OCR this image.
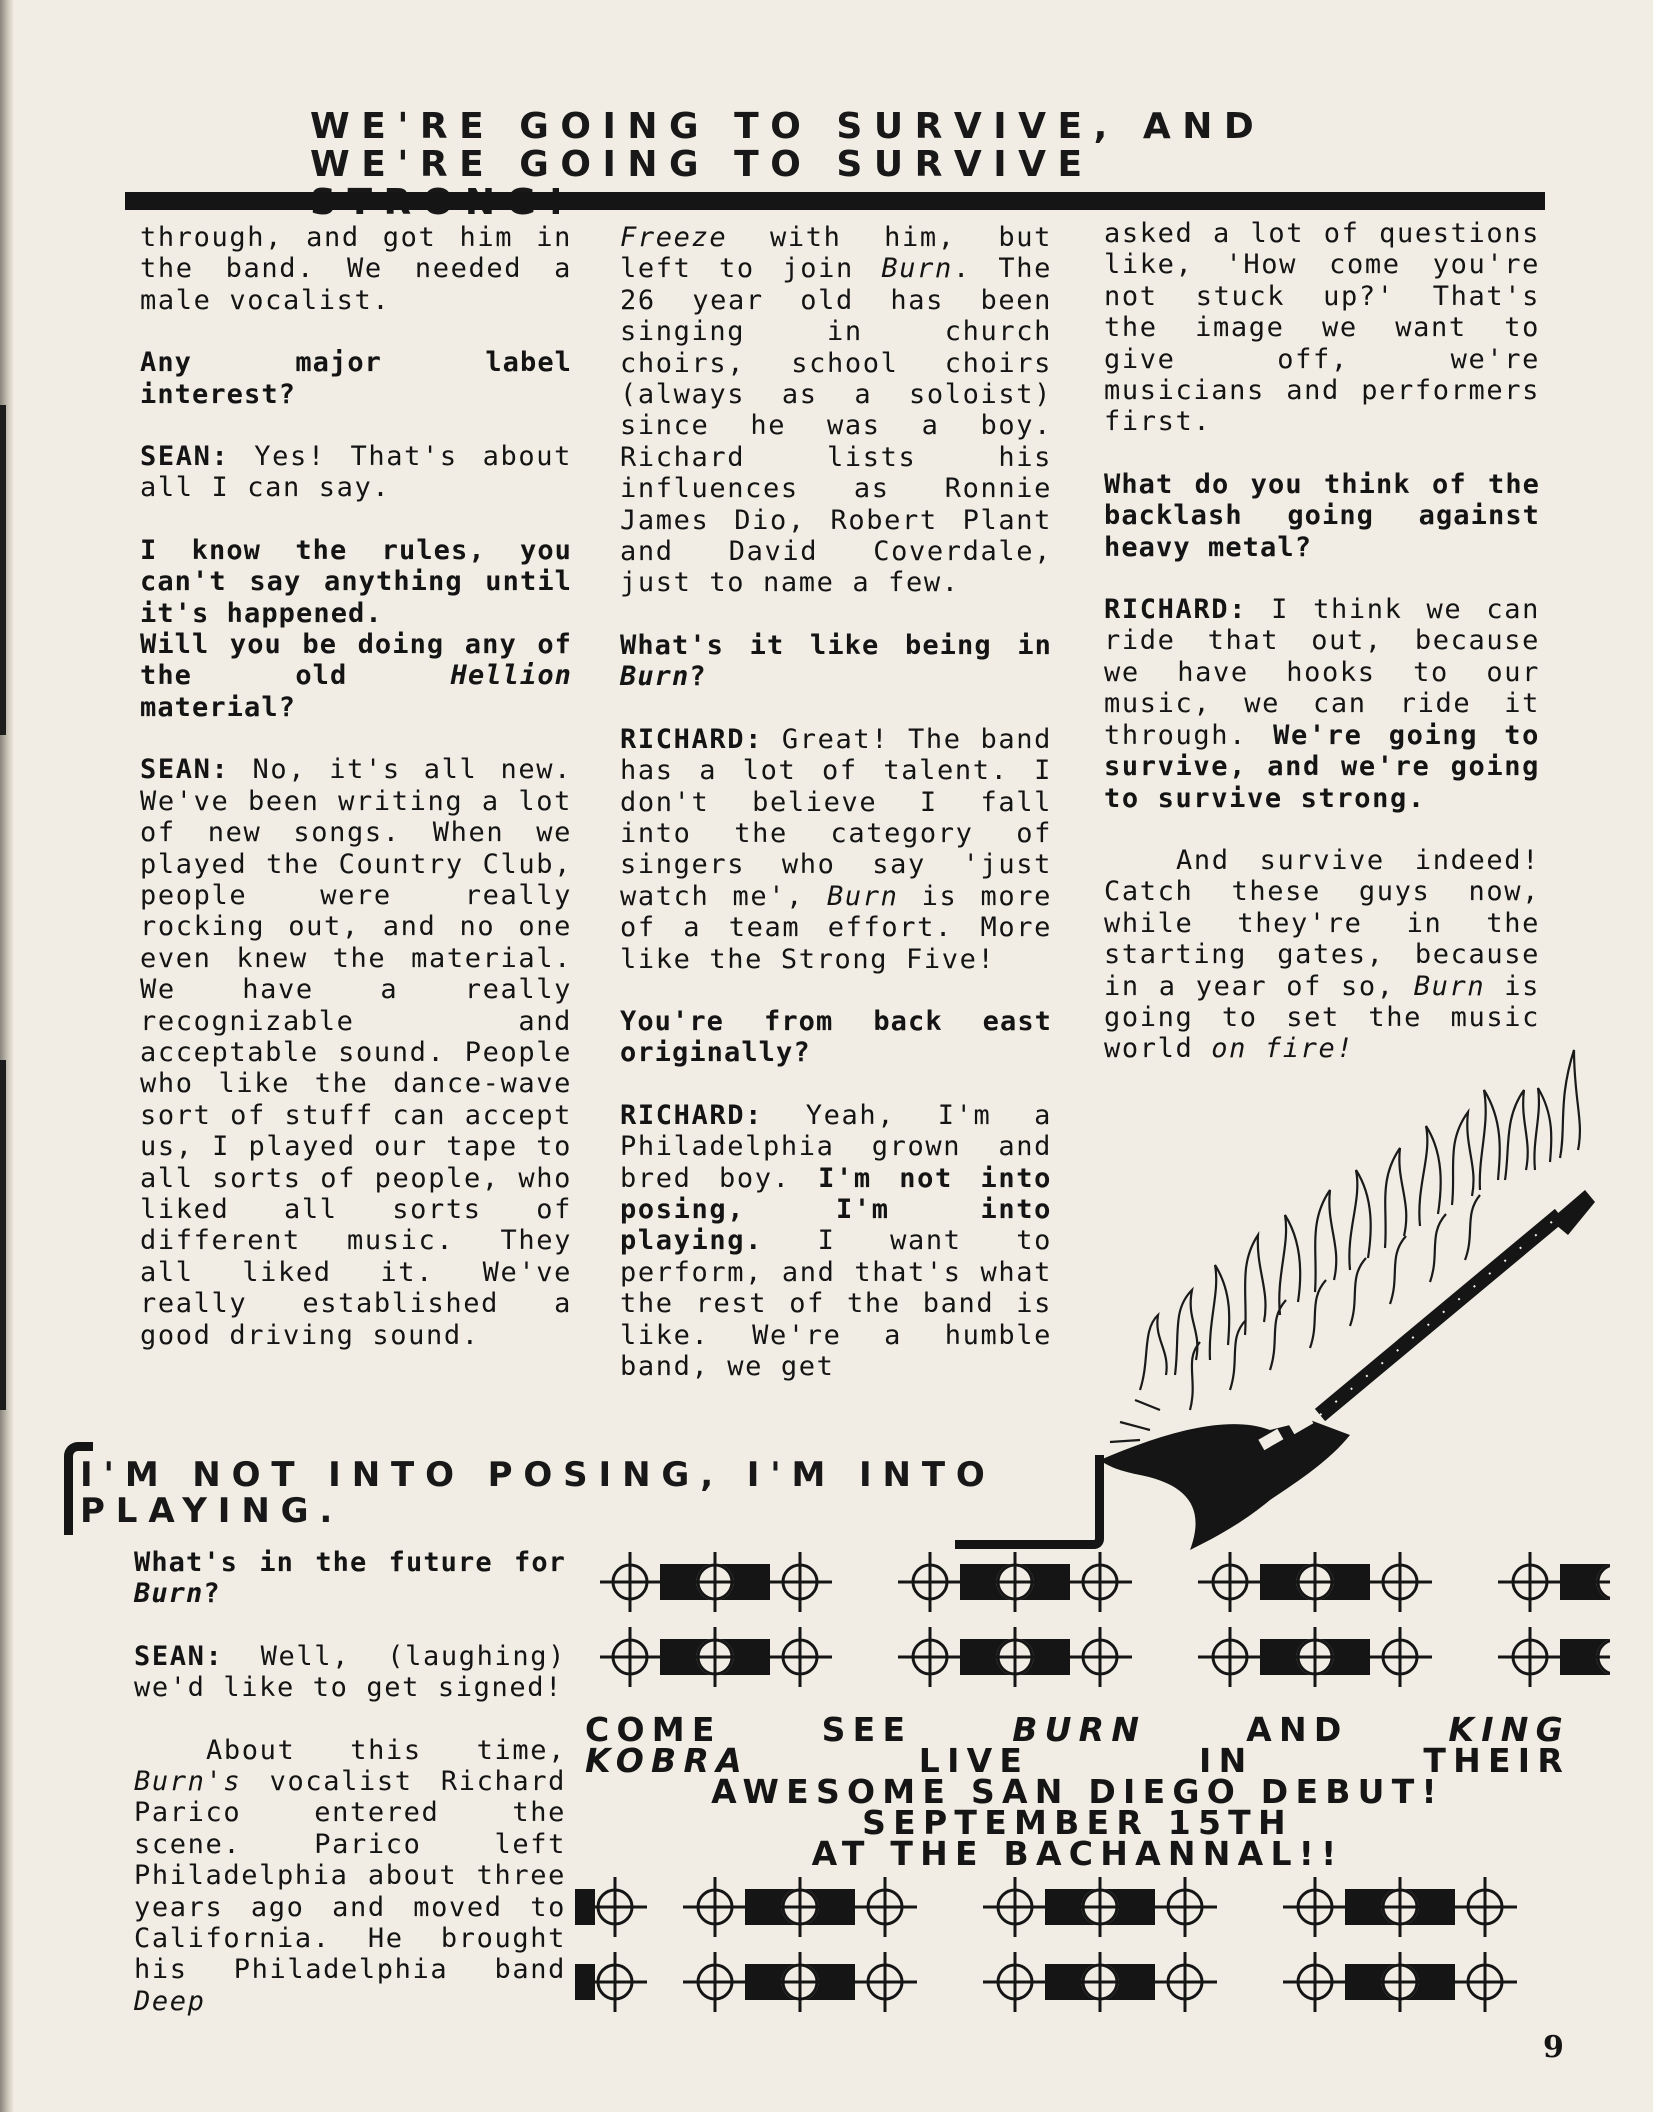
WE'RE GOING TO SURVIVE, AND WE'RE GOING TO SURVIVE

through, and got him in the band. We needed a male vocalist.

Any major label interest?

SEAN: Yes! That's about all I can say.

I know the rules, you can't say anything until it's happened.

Will you be doing any of the old Hellion material?

SEAN: No, it's all new. We've been writing a lot of new songs. When we played the Country Club, people were really rocking out, and no one even knew the material. We have a really recognizable and acceptable sound. People who like the dance-wave sort of stuff can accept us, I played our tape to all sorts of people, who liked all sorts of different music. They all liked it. We've really established a good driving sound.

Freeze with him, but left to join Burn. The 26 year old has been singing in church choirs, school choirs (always as a soloist) since he was a boy. Richard lists his influences as Ronnie James Dio, Robert Plant and David Coverdale, just to name a few.

What's it like being in Burn?

RICHARD: Great! The band has a lot of talent. I don't believe I fall into the category of singers who say 'just watch me', Burn is more of a team effort. More like the Strong Five!

You're from back east originally?

RICHARD: Yeah, I'm a Philadelphia grown and bred boy. I'm not into posing, I'm into playing. I want to perform, and that's what the rest of the band is like. We're a humble band, we get

asked a lot of questions like, 'How come you're not stuck up?' That's the image we want to give off, we're musicians and performers first.

What do you think of the backlash going against heavy metal?

RICHARD: I think we can ride that out, because we have hooks to our music, we can ride it through. We're going to survive, and we're going to survive strong.

And survive indeed! Catch these guys now, while they're in the starting gates, because in a year of so, Burn is going to set the music world on fire!

I'M NOT INTO POSING, I'M INTO PLAYING.

What's in the future for Burn?

SEAN: Well, (laughing) we'd like to get signed!

About this time, Burn's vocalist Richard Parico entered the scene. Parico left Philadelphia about three years ago and moved to California. He brought his Philadelphia band Deep

COME SEE BURN AND KING
KOBRA LIVE IN THEIR
AWESOME SAN DIEGO DEBUT!
SEPTEMBER 15TH
AT THE BACHANNAL!!
9
